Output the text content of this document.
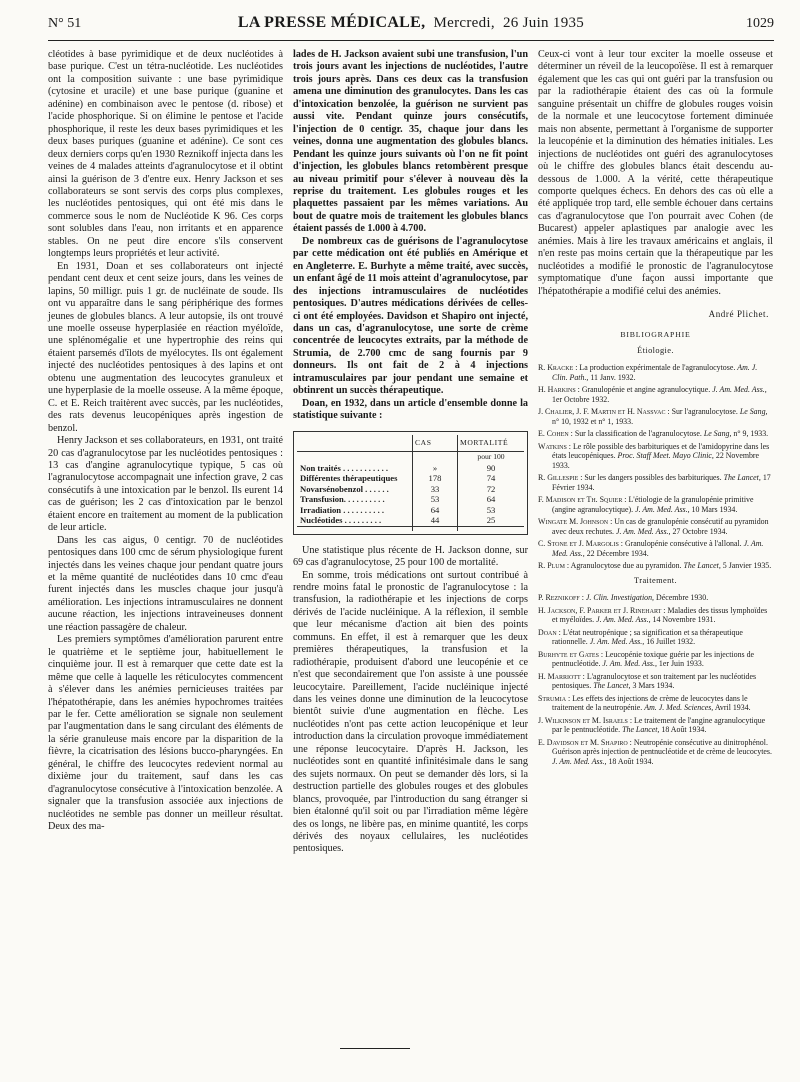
N° 51	LA PRESSE MÉDICALE, Mercredi, 26 Juin 1935	1029

cléotides à base pyrimidique et de deux nucléotides à base purique. C'est un tétra-nucléotide. Les nucléotides ont la composition suivante : une base pyrimidique (cytosine et uracile) et une base purique (guanine et adénine) en combinaison avec le pentose (d. ribose) et l'acide phosphorique. Si on élimine le pentose et l'acide phosphorique, il reste les deux bases pyrimidiques et les deux bases puriques (guanine et adénine). Ce sont ces deux derniers corps qu'en 1930 Reznikoff injecta dans les veines de 4 malades atteints d'agranulocytose et il obtint ainsi la guérison de 3 d'entre eux. Henry Jackson et ses collaborateurs se sont servis des corps plus complexes, les nucléotides pentosiques, qui ont été mis dans le commerce sous le nom de Nucléotide K 96. Ces corps sont solubles dans l'eau, non irritants et en apparence stables. On ne peut dire encore s'ils conservent longtemps leurs propriétés et leur activité.

En 1931, Doan et ses collaborateurs ont injecté pendant cent deux et cent seize jours, dans les veines de lapins, 50 milligr. puis 1 gr. de nucléinate de soude. Ils ont vu apparaître dans le sang périphérique des formes jeunes de globules blancs. A leur autopsie, ils ont trouvé une moelle osseuse hyperplasiée en réaction myéloïde, une splénomégalie et une hypertrophie des reins qui étaient parsemés d'îlots de myélocytes. Ils ont également injecté des nucléotides pentosiques à des lapins et ont obtenu une augmentation des leucocytes granuleux et une hyperplasie de la moelle osseuse. A la même époque, C. et E. Reich traitèrent avec succès, par les nucléotides, des rats devenus leucopéniques après ingestion de benzol.

Henry Jackson et ses collaborateurs, en 1931, ont traité 20 cas d'agranulocytose par les nucléotides pentosiques : 13 cas d'angine agranulocytique typique, 5 cas où l'agranulocytose accompagnait une infection grave, 2 cas consécutifs à une intoxication par le benzol. Ils eurent 14 cas de guérison; les 2 cas d'intoxication par le benzol étaient encore en traitement au moment de la publication de leur article.

Dans les cas aigus, 0 centigr. 70 de nucléotides pentosiques dans 100 cmc de sérum physiologique furent injectés dans les veines chaque jour pendant quatre jours et la même quantité de nucléotides dans 10 cmc d'eau furent injectés dans les muscles chaque jour jusqu'à amélioration. Les injections intramusculaires ne donnent aucune réaction, les injections intraveineuses donnent une réaction passagère de chaleur.

Les premiers symptômes d'amélioration parurent entre le quatrième et le septième jour, habituellement le cinquième jour. Il est à remarquer que cette date est la même que celle à laquelle les réticulocytes commencent à s'élever dans les anémies pernicieuses traitées par l'hépatothérapie, dans les anémies hypochromes traitées par le fer. Cette amélioration se signale non seulement par l'augmentation dans le sang circulant des éléments de la série granuleuse mais encore par la disparition de la fièvre, la cicatrisation des lésions bucco-pharyngées. En général, le chiffre des leucocytes redevient normal au dixième jour du traitement, sauf dans les cas d'agranulocytose consécutive à l'intoxication benzolée. A signaler que la transfusion associée aux injections de nucléotides ne semble pas donner un meilleur résultat. Deux des ma-

lades de H. Jackson avaient subi une transfusion, l'un trois jours avant les injections de nucléotides, l'autre trois jours après. Dans ces deux cas la transfusion amena une diminution des granulocytes. Dans les cas d'intoxication benzolée, la guérison ne survient pas aussi vite. Pendant quinze jours consécutifs, l'injection de 0 centigr. 35, chaque jour dans les veines, donna une augmentation des globules blancs. Pendant les quinze jours suivants où l'on ne fit point d'injection, les globules blancs retombèrent presque au niveau primitif pour s'élever à nouveau dès la reprise du traitement. Les globules rouges et les plaquettes passaient par les mêmes variations. Au bout de quatre mois de traitement les globules blancs étaient passés de 1.000 à 4.700.

De nombreux cas de guérisons de l'agranulocytose par cette médication ont été publiés en Amérique et en Angleterre. E. Burhyte a même traité, avec succès, un enfant âgé de 11 mois atteint d'agranulocytose, par des injections intramusculaires de nucléotides pentosiques. D'autres médications dérivées de celles-ci ont été employées. Davidson et Shapiro ont injecté, dans un cas, d'agranulocytose, une sorte de crème concentrée de leucocytes extraits, par la méthode de Strumia, de 2.700 cmc de sang fournis par 9 donneurs. Ils ont fait de 2 à 4 injections intramusculaires par jour pendant une semaine et obtinrent un succès thérapeutique.

Doan, en 1932, dans un article d'ensemble donne la statistique suivante :

	CAS	MORTALITÉ
		pour 100
Non traités . . . . . . . . . . .	»	90
Différentes thérapeutiques	178	74
Novarsénobenzol . . . . . .	33	72
Transfusion. . . . . . . . . .	53	64
Irradiation . . . . . . . . . .	64	53
Nucléotides . . . . . . . . .	44	25

Une statistique plus récente de H. Jackson donne, sur 69 cas d'agranulocytose, 25 pour 100 de mortalité.

En somme, trois médications ont surtout contribué à rendre moins fatal le pronostic de l'agranulocytose : la transfusion, la radiothérapie et les injections de corps dérivés de l'acide nucléinique. A la réflexion, il semble que leur mécanisme d'action ait bien des points communs. En effet, il est à remarquer que les deux premières thérapeutiques, la transfusion et la radiothérapie, produisent d'abord une leucopénie et ce n'est que secondairement que l'on assiste à une poussée leucocytaire. Pareillement, l'acide nucléinique injecté dans les veines donne une diminution de la leucocytose bientôt suivie d'une augmentation en flèche. Les nucléotides n'ont pas cette action leucopénique et leur introduction dans la circulation provoque immédiatement une réponse leucocytaire. D'après H. Jackson, les nucléotides sont en quantité infinitésimale dans le sang des sujets normaux. On peut se demander dès lors, si la destruction partielle des globules rouges et des globules blancs, provoquée, par l'introduction du sang étranger si bien étalonné qu'il soit ou par l'irradiation même légère des os longs, ne libère pas, en minime quantité, les corps dérivés des noyaux cellulaires, les nucléotides pentosiques.

Ceux-ci vont à leur tour exciter la moelle osseuse et déterminer un réveil de la leucopoïèse. Il est à remarquer également que les cas qui ont guéri par la transfusion ou par la radiothérapie étaient des cas où la formule sanguine présentait un chiffre de globules rouges voisin de la normale et une leucocytose fortement diminuée mais non absente, permettant à l'organisme de supporter la leucopénie et la diminution des hématies initiales. Les injections de nucléotides ont guéri des agranulocytoses où le chiffre des globules blancs était descendu au-dessous de 1.000. A la vérité, cette thérapeutique comporte quelques échecs. En dehors des cas où elle a été appliquée trop tard, elle semble échouer dans certains cas d'agranulocytose que l'on pourrait avec Cohen (de Bucarest) appeler aplastiques par analogie avec les anémies. Mais à lire les travaux américains et anglais, il n'en reste pas moins certain que la thérapeutique par les nucléotides a modifié le pronostic de l'agranulocytose symptomatique d'une façon aussi importante que l'hépatothérapie a modifié celui des anémies.

André Plichet.
BIBLIOGRAPHIE
Étiologie.
R. Kracke : La production expérimentale de l'agranulocytose. Am. J. Clin. Path., 11 Janv. 1932.
H. Harkins : Granulopénie et angine agranulocytique. J. Am. Med. Ass., 1er Octobre 1932.
J. Chalier, J. F. Martin et H. Nassvac : Sur l'agranulocytose. Le Sang, n° 10, 1932 et n° 1, 1933.
E. Cohen : Sur la classification de l'agranulocytose. Le Sang, n° 9, 1933.
Watkins : Le rôle possible des barbituriques et de l'amidopyrine dans les états leucopéniques. Proc. Staff Meet. Mayo Clinic, 22 Novembre 1933.
R. Gillespie : Sur les dangers possibles des barbituriques. The Lancet, 17 Février 1934.
F. Madison et Th. Squier : L'étiologie de la granulopénie primitive (angine agranulocytique). J. Am. Med. Ass., 10 Mars 1934.
Wingate M. Johnson : Un cas de granulopénie consécutif au pyramidon avec deux rechutes. J. Am. Med. Ass., 27 Octobre 1934.
C. Stone et J. Margolis : Granulopénie consécutive à l'allonal. J. Am. Med. Ass., 22 Décembre 1934.
R. Plum : Agranulocytose due au pyramidon. The Lancet, 5 Janvier 1935.
Traitement.
P. Reznikoff : J. Clin. Investigation, Décembre 1930.
H. Jackson, F. Parker et J. Rinehart : Maladies des tissus lymphoïdes et myéloïdes. J. Am. Med. Ass., 14 Novembre 1931.
Doan : L'état neutropénique ; sa signification et sa thérapeutique rationnelle. J. Am. Med. Ass., 16 Juillet 1932.
Burhyte et Gates : Leucopénie toxique guérie par les injections de pentnucléotide. J. Am. Med. Ass., 1er Juin 1933.
H. Marriott : L'agranulocytose et son traitement par les nucléotides pentosiques. The Lancet, 3 Mars 1934.
Strumia : Les effets des injections de crème de leucocytes dans le traitement de la neutropénie. Am. J. Med. Sciences, Avril 1934.
J. Wilkinson et M. Israels : Le traitement de l'angine agranulocytique par le pentnucléotide. The Lancet, 18 Août 1934.
E. Davidson et M. Shapiro : Neutropénie consécutive au dinitrophénol. Guérison après injection de pentnucléotide et de crème de leucocytes. J. Am. Med. Ass., 18 Août 1934.
